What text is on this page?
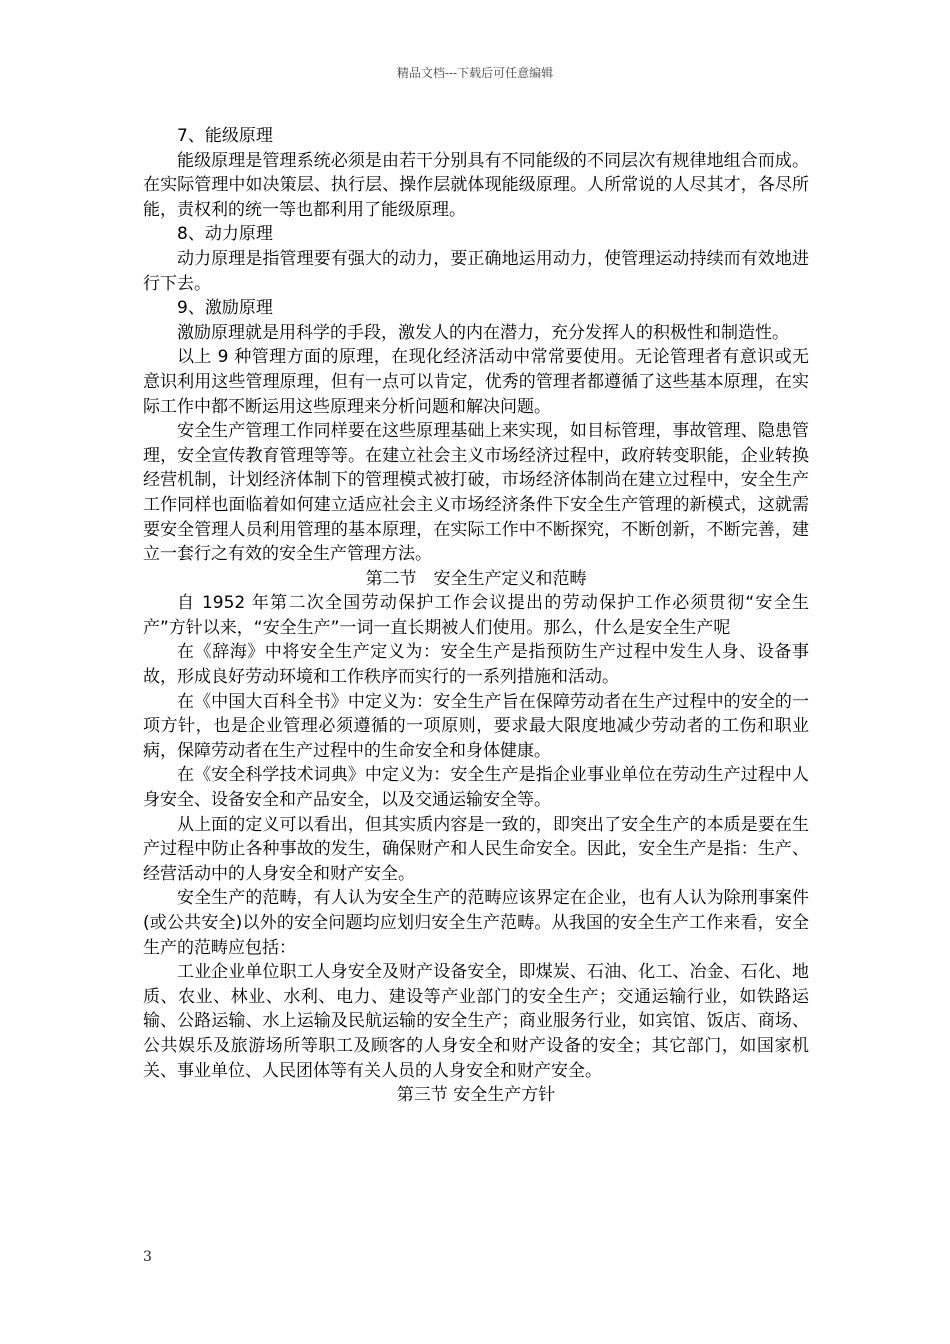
精品文档---下载后可任意编辑

7、能级原理

能级原理是管理系统必须是由若干分别具有不同能级的不同层次有规律地组合而成。在实际管理中如决策层、执行层、操作层就体现能级原理。人所常说的人尽其才，各尽所能，责权利的统一等也都利用了能级原理。

8、动力原理

动力原理是指管理要有强大的动力，要正确地运用动力，使管理运动持续而有效地进行下去。

9、激励原理

激励原理就是用科学的手段，激发人的内在潜力，充分发挥人的积极性和制造性。

以上 9 种管理方面的原理，在现化经济活动中常常要使用。无论管理者有意识或无意识利用这些管理原理，但有一点可以肯定，优秀的管理者都遵循了这些基本原理，在实际工作中都不断运用这些原理来分析问题和解决问题。

安全生产管理工作同样要在这些原理基础上来实现，如目标管理，事故管理、隐患管理，安全宣传教育管理等等。在建立社会主义市场经济过程中，政府转变职能，企业转换经营机制，计划经济体制下的管理模式被打破，市场经济体制尚在建立过程中，安全生产工作同样也面临着如何建立适应社会主义市场经济条件下安全生产管理的新模式，这就需要安全管理人员利用管理的基本原理，在实际工作中不断探究，不断创新，不断完善，建立一套行之有效的安全生产管理方法。

第二节　安全生产定义和范畴

自 1952 年第二次全国劳动保护工作会议提出的劳动保护工作必须贯彻“安全生产”方针以来，“安全生产”一词一直长期被人们使用。那么，什么是安全生产呢

在《辞海》中将安全生产定义为：安全生产是指预防生产过程中发生人身、设备事故，形成良好劳动环境和工作秩序而实行的一系列措施和活动。

在《中国大百科全书》中定义为：安全生产旨在保障劳动者在生产过程中的安全的一项方针，也是企业管理必须遵循的一项原则，要求最大限度地减少劳动者的工伤和职业病，保障劳动者在生产过程中的生命安全和身体健康。

在《安全科学技术词典》中定义为：安全生产是指企业事业单位在劳动生产过程中人身安全、设备安全和产品安全，以及交通运输安全等。

从上面的定义可以看出，但其实质内容是一致的，即突出了安全生产的本质是要在生产过程中防止各种事故的发生，确保财产和人民生命安全。因此，安全生产是指：生产、经营活动中的人身安全和财产安全。

安全生产的范畴，有人认为安全生产的范畴应该界定在企业，也有人认为除刑事案件(或公共安全)以外的安全问题均应划归安全生产范畴。从我国的安全生产工作来看，安全生产的范畴应包括：

工业企业单位职工人身安全及财产设备安全，即煤炭、石油、化工、冶金、石化、地质、农业、林业、水利、电力、建设等产业部门的安全生产；交通运输行业，如铁路运输、公路运输、水上运输及民航运输的安全生产；商业服务行业，如宾馆、饭店、商场、公共娱乐及旅游场所等职工及顾客的人身安全和财产设备的安全；其它部门，如国家机关、事业单位、人民团体等有关人员的人身安全和财产安全。

第三节 安全生产方针

3
